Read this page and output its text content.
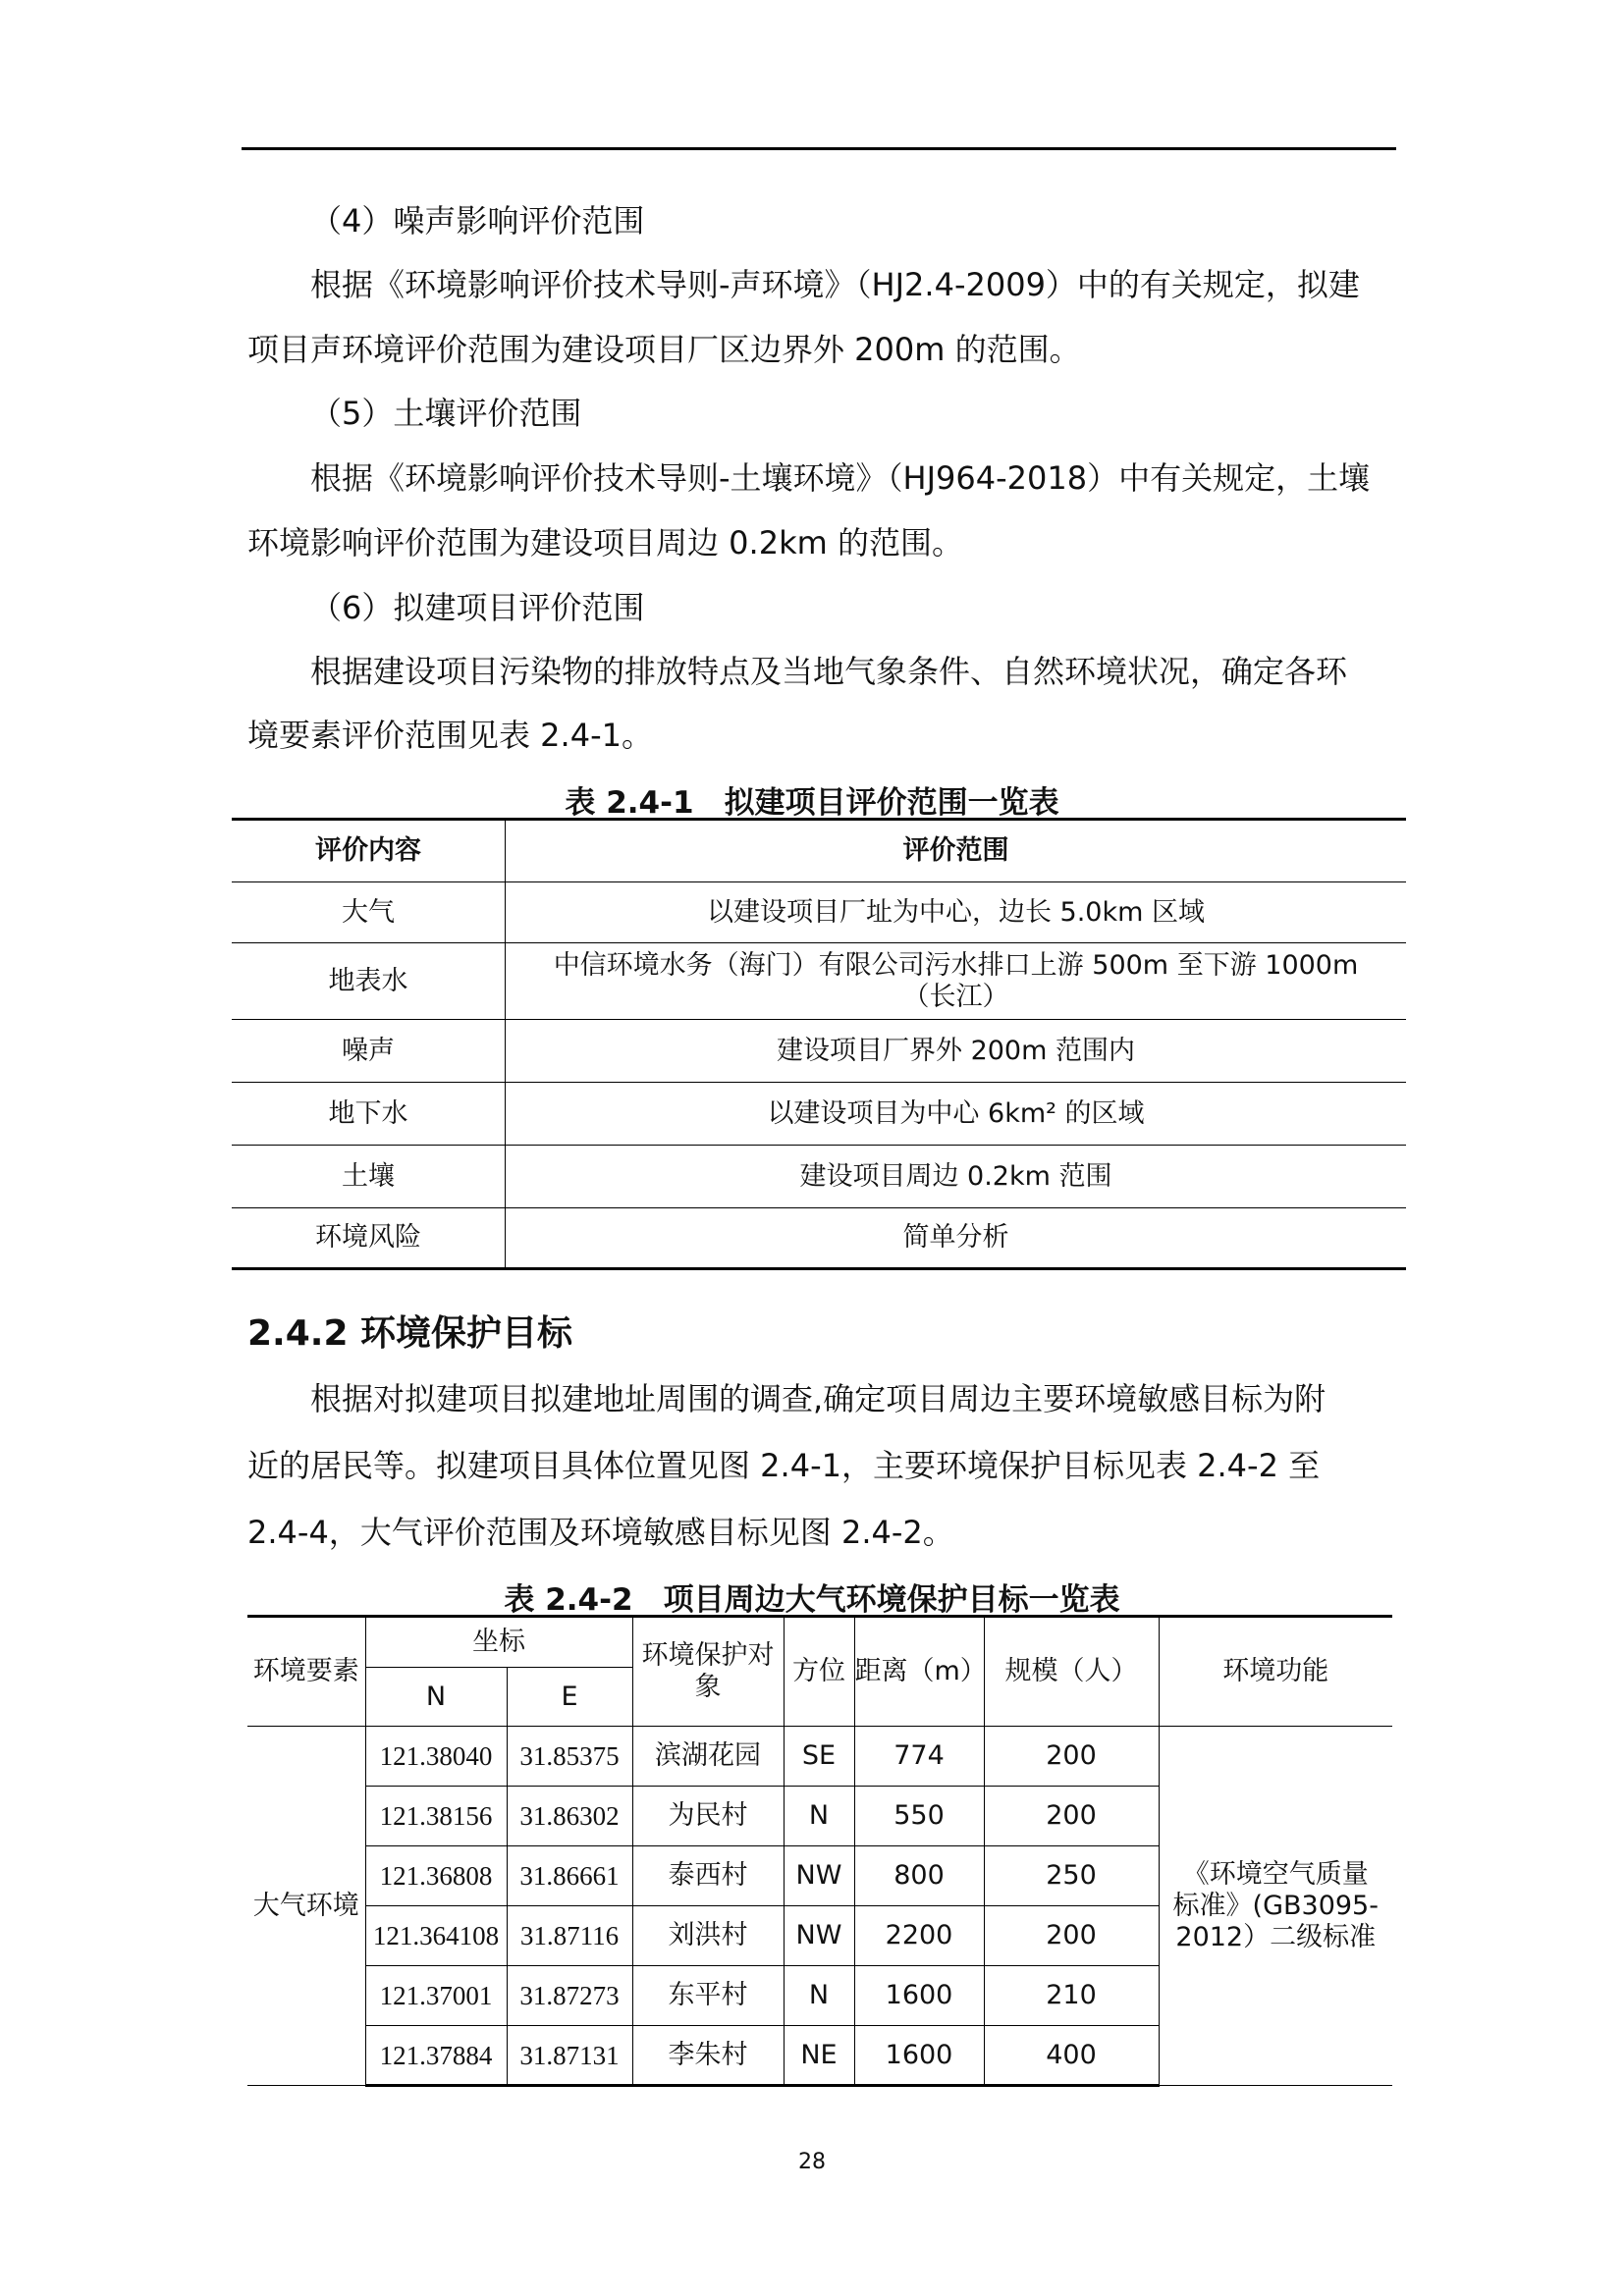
（4）噪声影响评价范围

根据《环境影响评价技术导则-声环境》（HJ2.4-2009）中的有关规定，拟建

项目声环境评价范围为建设项目厂区边界外 200m 的范围。

（5）土壤评价范围

根据《环境影响评价技术导则-土壤环境》（HJ964-2018）中有关规定，土壤

环境影响评价范围为建设项目周边 0.2km 的范围。

（6）拟建项目评价范围

根据建设项目污染物的排放特点及当地气象条件、自然环境状况，确定各环

境要素评价范围见表 2.4-1。

表 2.4-1　拟建项目评价范围一览表
评价内容	评价范围
大气	以建设项目厂址为中心，边长 5.0km 区域
地表水	中信环境水务（海门）有限公司污水排口上游 500m 至下游 1000m（长江）
噪声	建设项目厂界外 200m 范围内
地下水	以建设项目为中心 6km² 的区域
土壤	建设项目周边 0.2km 范围
环境风险	简单分析
2.4.2 环境保护目标

根据对拟建项目拟建地址周围的调查,确定项目周边主要环境敏感目标为附

近的居民等。拟建项目具体位置见图 2.4-1，主要环境保护目标见表 2.4-2 至

2.4-4，大气评价范围及环境敏感目标见图 2.4-2。

表 2.4-2　项目周边大气环境保护目标一览表
环境要素	坐标		环境保护对象	方位	距离（m）	规模（人）	环境功能
	N	E					
大气环境	121.38040	31.85375	滨湖花园	SE	774	200	《环境空气质量标准》(GB3095-2012）二级标准
	121.38156	31.86302	为民村	N	550	200	
	121.36808	31.86661	泰西村	NW	800	250	
	121.364108	31.87116	刘洪村	NW	2200	200	
	121.37001	31.87273	东平村	N	1600	210	
	121.37884	31.87131	李朱村	NE	1600	400	
28
